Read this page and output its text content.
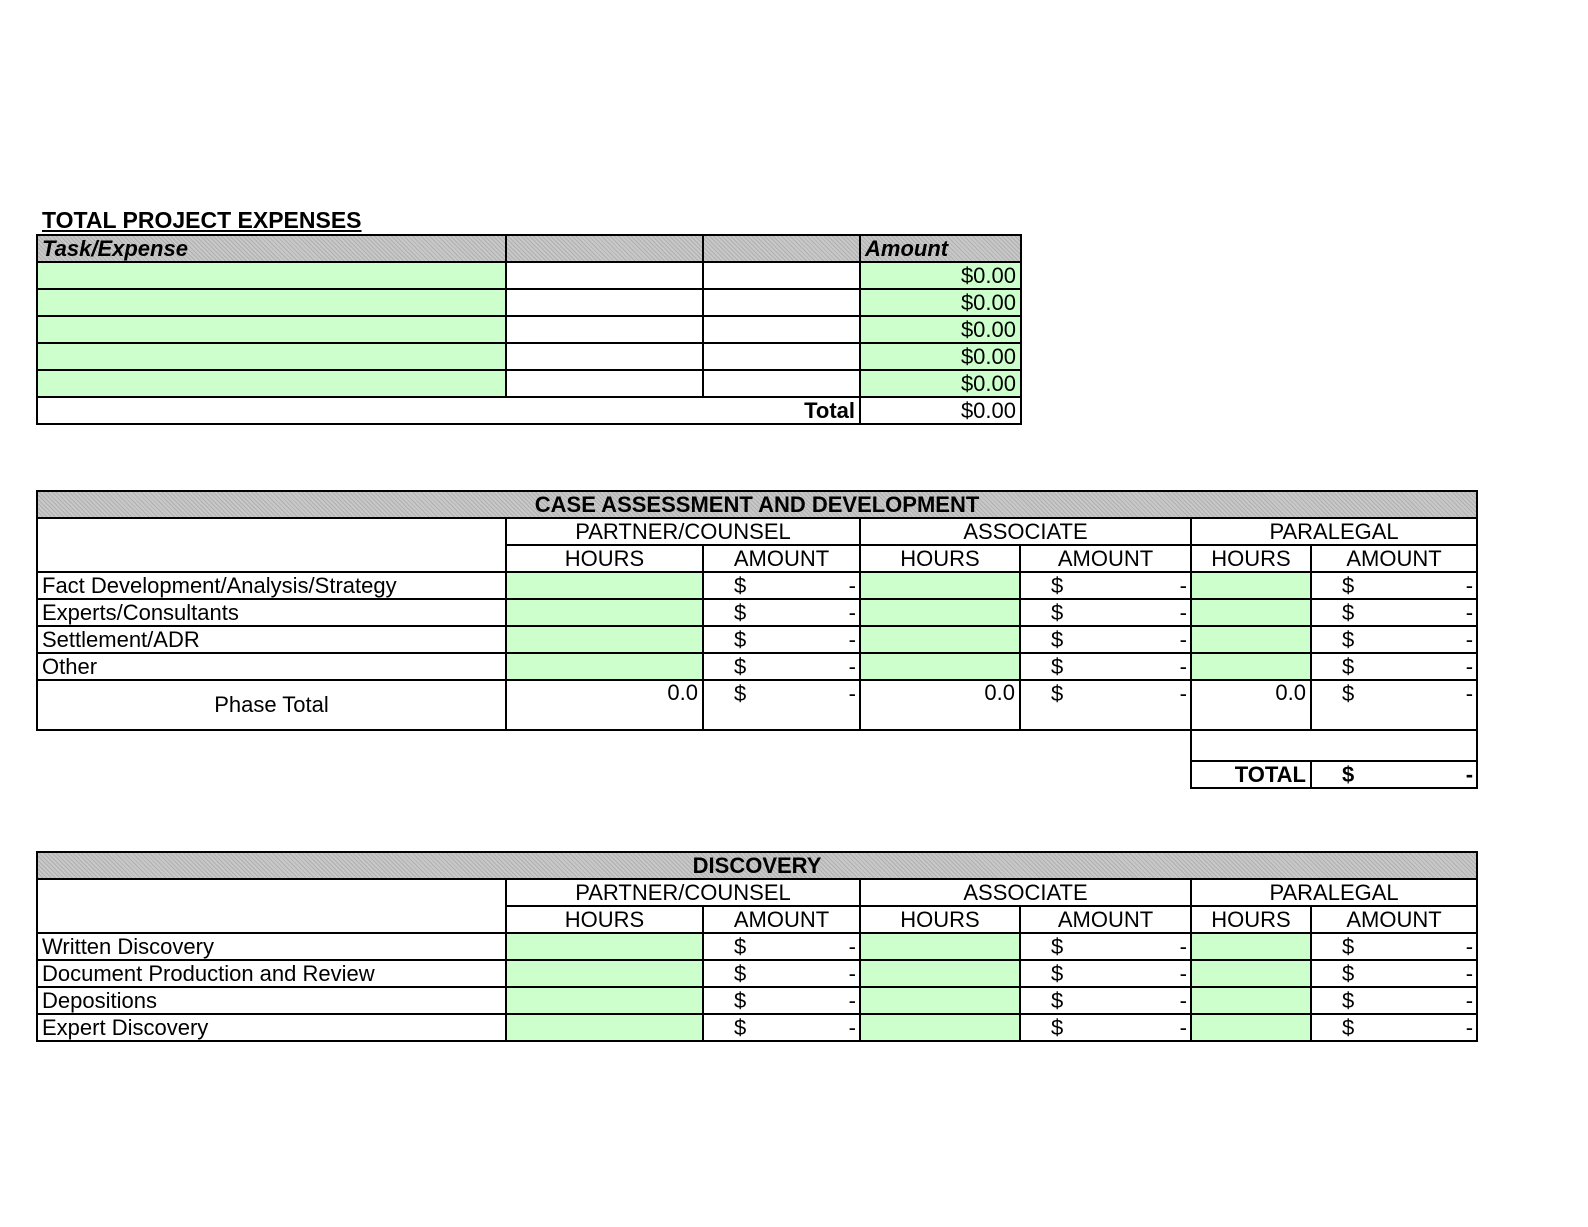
TOTAL PROJECT EXPENSES
Task/Expense			Amount
			$0.00
			$0.00
			$0.00
			$0.00
			$0.00
Total			$0.00
CASE ASSESSMENT AND DEVELOPMENT						
	PARTNER/COUNSEL		ASSOCIATE		PARALEGAL	
	HOURS	AMOUNT	HOURS	AMOUNT	HOURS	AMOUNT
Fact Development/Analysis/Strategy		$ -		$ -		$ -

Experts/Consultants		$ -		$ -		$ -

Settlement/ADR		$ -		$ -		$ -

Other		$ -		$ -		$ -

Phase Total	0.0	$ -	0.0	$ -	0.0	$ -

					TOTAL	$ -
DISCOVERY						
	PARTNER/COUNSEL		ASSOCIATE		PARALEGAL	
	HOURS	AMOUNT	HOURS	AMOUNT	HOURS	AMOUNT
Written Discovery		$ -		$ -		$ -

Document Production and Review		$ -		$ -		$ -

Depositions		$ -		$ -		$ -

Expert Discovery		$ -		$ -		$ -
